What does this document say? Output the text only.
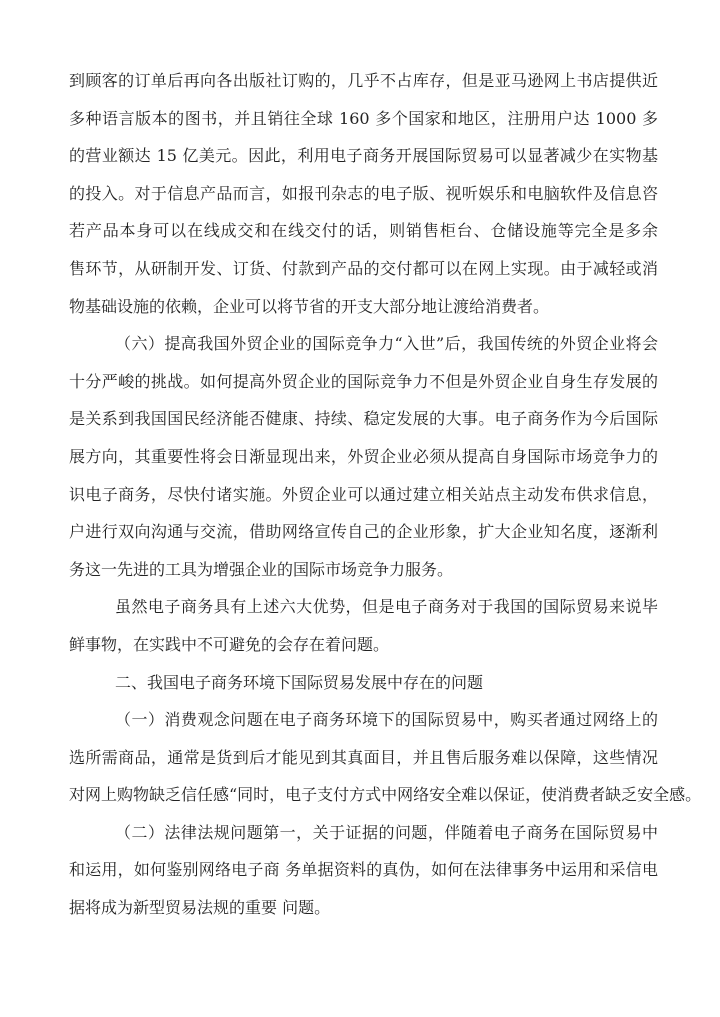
到顾客的订单后再向各出版社订购的，几乎不占库存，但是亚马逊网上书店提供近
多种语言版本的图书，并且销往全球 160 多个国家和地区，注册用户达 1000 多
的营业额达 15 亿美元。因此，利用电子商务开展国际贸易可以显著减少在实物基
的投入。对于信息产品而言，如报刊杂志的电子版、视听娱乐和电脑软件及信息咨
若产品本身可以在线成交和在线交付的话，则销售柜台、仓储设施等完全是多余
售环节，从研制开发、订货、付款到产品的交付都可以在网上实现。由于减轻或消
物基础设施的依赖，企业可以将节省的开支大部分地让渡给消费者。
（六）提高我国外贸企业的国际竞争力“入世”后，我国传统的外贸企业将会
十分严峻的挑战。如何提高外贸企业的国际竞争力不但是外贸企业自身生存发展的
是关系到我国国民经济能否健康、持续、稳定发展的大事。电子商务作为今后国际
展方向，其重要性将会日渐显现出来，外贸企业必须从提高自身国际市场竞争力的
识电子商务，尽快付诸实施。外贸企业可以通过建立相关站点主动发布供求信息，
户进行双向沟通与交流，借助网络宣传自己的企业形象，扩大企业知名度，逐渐利
务这一先进的工具为增强企业的国际市场竞争力服务。
虽然电子商务具有上述六大优势，但是电子商务对于我国的国际贸易来说毕
鲜事物，在实践中不可避免的会存在着问题。
二、我国电子商务环境下国际贸易发展中存在的问题
（一）消费观念问题在电子商务环境下的国际贸易中，购买者通过网络上的
选所需商品，通常是货到后才能见到其真面目，并且售后服务难以保障，这些情况
对网上购物缺乏信任感“同时，电子支付方式中网络安全难以保证，使消费者缺乏安全感。
（二）法律法规问题第一，关于证据的问题，伴随着电子商务在国际贸易中
和运用，如何鉴别网络电子商 务单据资料的真伪，如何在法律事务中运用和采信电
据将成为新型贸易法规的重要 问题。
